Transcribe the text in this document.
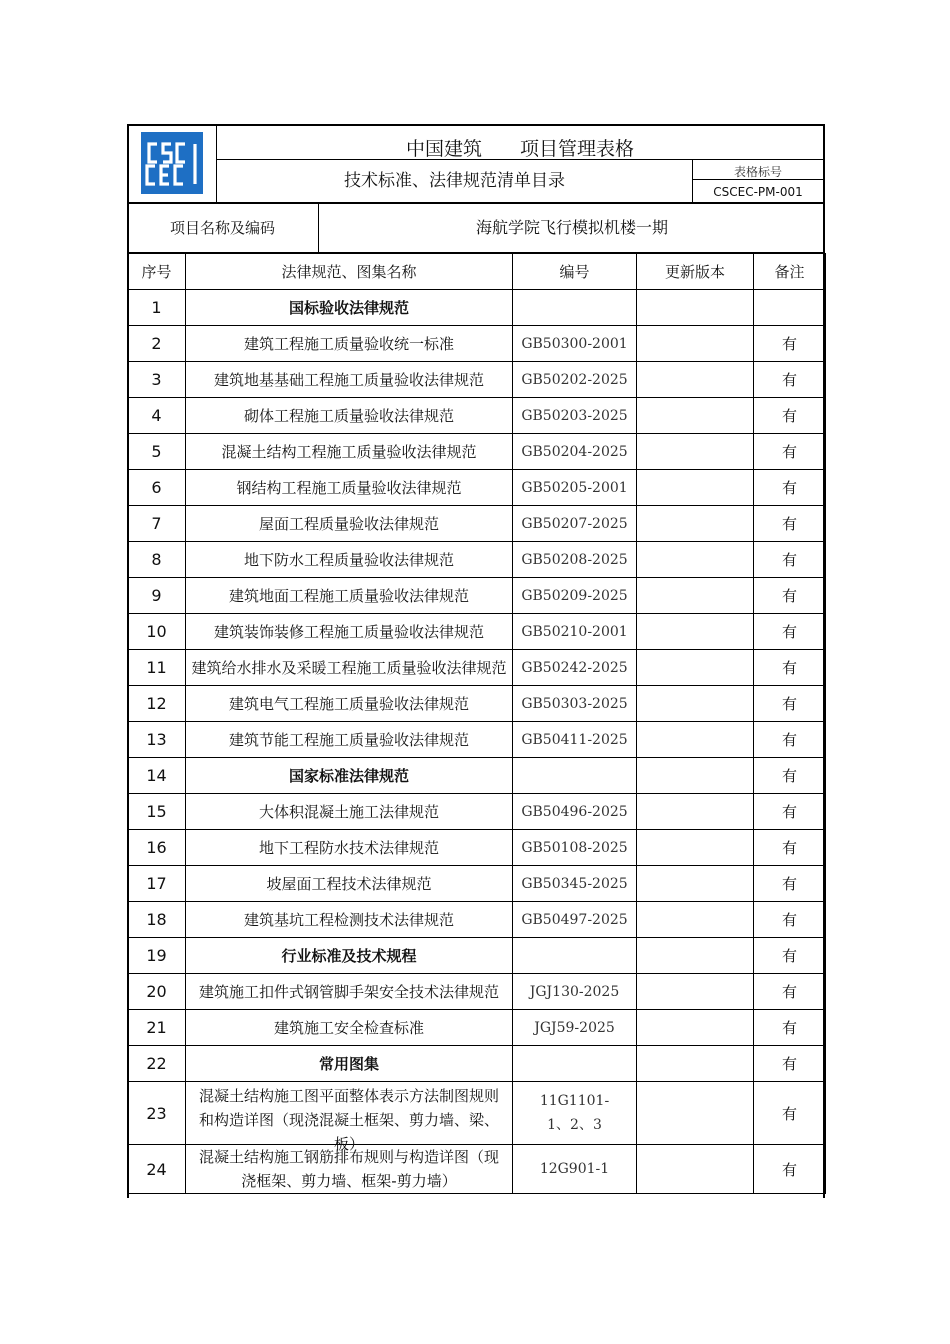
中国建筑 项目管理表格
技术标准、法律规范清单目录	表格标号
CSCEC-PM-001
项目名称及编码	海航学院飞行模拟机楼一期
序号	法律规范、图集名称	编号	更新版本	备注
1	国标验收法律规范			
2	建筑工程施工质量验收统一标准	GB50300-2001		有
3	建筑地基基础工程施工质量验收法律规范	GB50202-2025		有
4	砌体工程施工质量验收法律规范	GB50203-2025		有
5	混凝土结构工程施工质量验收法律规范	GB50204-2025		有
6	钢结构工程施工质量验收法律规范	GB50205-2001		有
7	屋面工程质量验收法律规范	GB50207-2025		有
8	地下防水工程质量验收法律规范	GB50208-2025		有
9	建筑地面工程施工质量验收法律规范	GB50209-2025		有
10	建筑装饰装修工程施工质量验收法律规范	GB50210-2001		有
11	建筑给水排水及采暖工程施工质量验收法律规范	GB50242-2025		有
12	建筑电气工程施工质量验收法律规范	GB50303-2025		有
13	建筑节能工程施工质量验收法律规范	GB50411-2025		有
14	国家标准法律规范			有
15	大体积混凝土施工法律规范	GB50496-2025		有
16	地下工程防水技术法律规范	GB50108-2025		有
17	坡屋面工程技术法律规范	GB50345-2025		有
18	建筑基坑工程检测技术法律规范	GB50497-2025		有
19	行业标准及技术规程			有
20	建筑施工扣件式钢管脚手架安全技术法律规范	JGJ130-2025		有
21	建筑施工安全检查标准	JGJ59-2025		有
22	常用图集			有
23	混凝土结构施工图平面整体表示方法制图规则和构造详图（现浇混凝土框架、剪力墙、梁、板）	11G1101-1、2、3		有
24	混凝土结构施工钢筋排布规则与构造详图（现浇框架、剪力墙、框架-剪力墙）	12G901-1		有
